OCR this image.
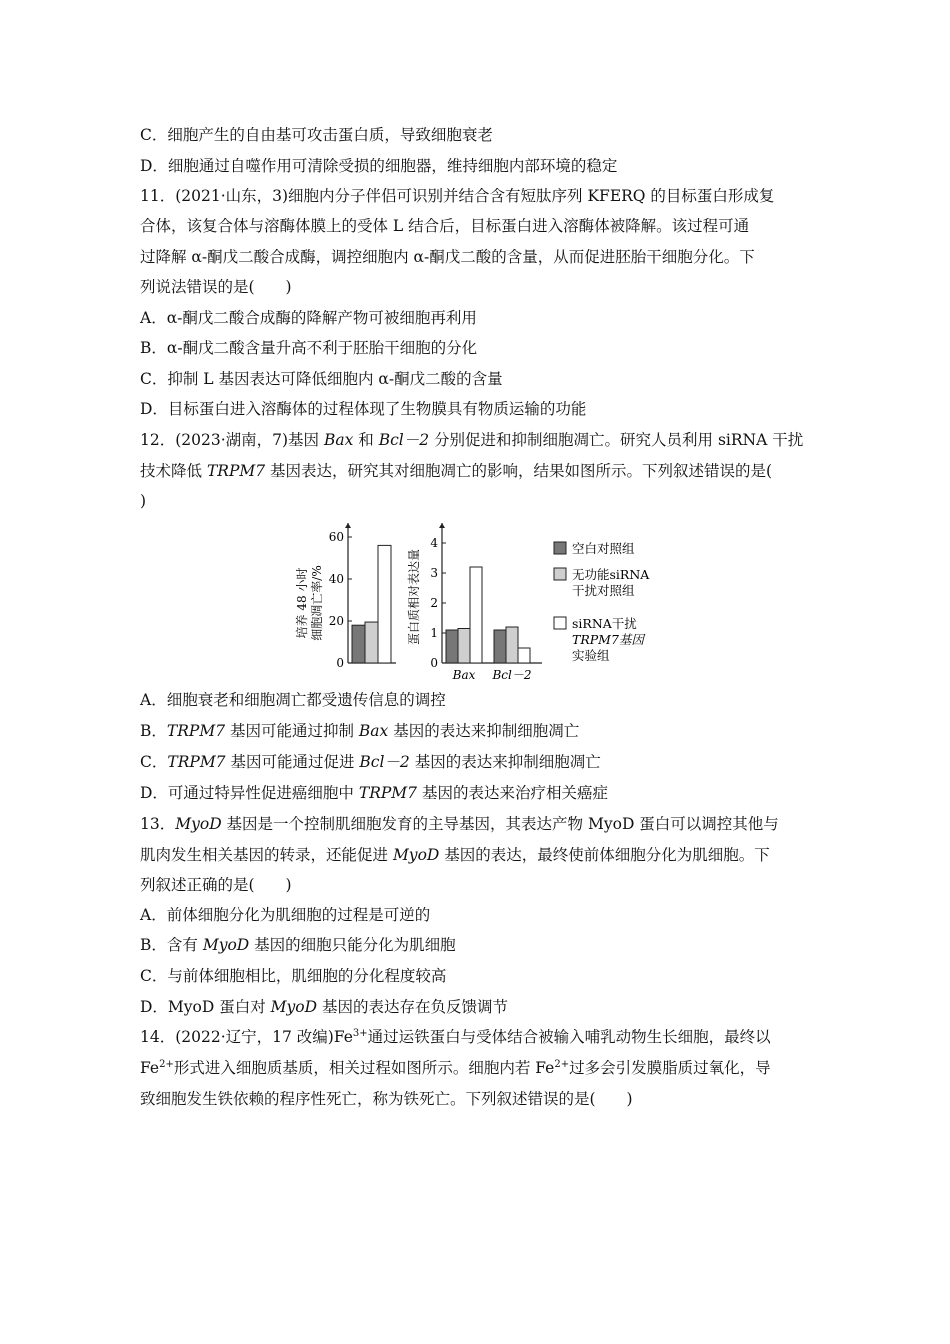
C．细胞产生的自由基可攻击蛋白质，导致细胞衰老
D．细胞通过自噬作用可清除受损的细胞器，维持细胞内部环境的稳定
11．(2021·山东，3)细胞内分子伴侣可识别并结合含有短肽序列 KFERQ 的目标蛋白形成复
合体，该复合体与溶酶体膜上的受体 L 结合后，目标蛋白进入溶酶体被降解。该过程可通
过降解 α-酮戊二酸合成酶，调控细胞内 α-酮戊二酸的含量，从而促进胚胎干细胞分化。下
列说法错误的是(　　)
A．α-酮戊二酸合成酶的降解产物可被细胞再利用
B．α-酮戊二酸含量升高不利于胚胎干细胞的分化
C．抑制 L 基因表达可降低细胞内 α-酮戊二酸的含量
D．目标蛋白进入溶酶体的过程体现了生物膜具有物质运输的功能
12．(2023·湖南，7)基因 Bax 和 Bcl－2 分别促进和抑制细胞凋亡。研究人员利用 siRNA 干扰
技术降低 TRPM7 基因表达，研究其对细胞凋亡的影响，结果如图所示。下列叙述错误的是(
)
0
20
40
60
培养 48 小时 细胞凋亡率/%
0
1
2
3
4
Bax Bcl－2
蛋白质相对表达量
空白对照组
无功能siRNA
干扰对照组
siRNA干扰
TRPM7基因
实验组
A．细胞衰老和细胞凋亡都受遗传信息的调控
B．TRPM7 基因可能通过抑制 Bax 基因的表达来抑制细胞凋亡
C．TRPM7 基因可能通过促进 Bcl－2 基因的表达来抑制细胞凋亡
D．可通过特异性促进癌细胞中 TRPM7 基因的表达来治疗相关癌症
13．MyoD 基因是一个控制肌细胞发育的主导基因，其表达产物 MyoD 蛋白可以调控其他与
肌肉发生相关基因的转录，还能促进 MyoD 基因的表达，最终使前体细胞分化为肌细胞。下
列叙述正确的是(　　)
A．前体细胞分化为肌细胞的过程是可逆的
B．含有 MyoD 基因的细胞只能分化为肌细胞
C．与前体细胞相比，肌细胞的分化程度较高
D．MyoD 蛋白对 MyoD 基因的表达存在负反馈调节
14．(2022·辽宁，17 改编)$Fe^{3+}$通过运铁蛋白与受体结合被输入哺乳动物生长细胞，最终以
$Fe^{2+}$形式进入细胞质基质，相关过程如图所示。细胞内若 $Fe^{2+}$过多会引发膜脂质过氧化，导
致细胞发生铁依赖的程序性死亡，称为铁死亡。下列叙述错误的是(　　)
